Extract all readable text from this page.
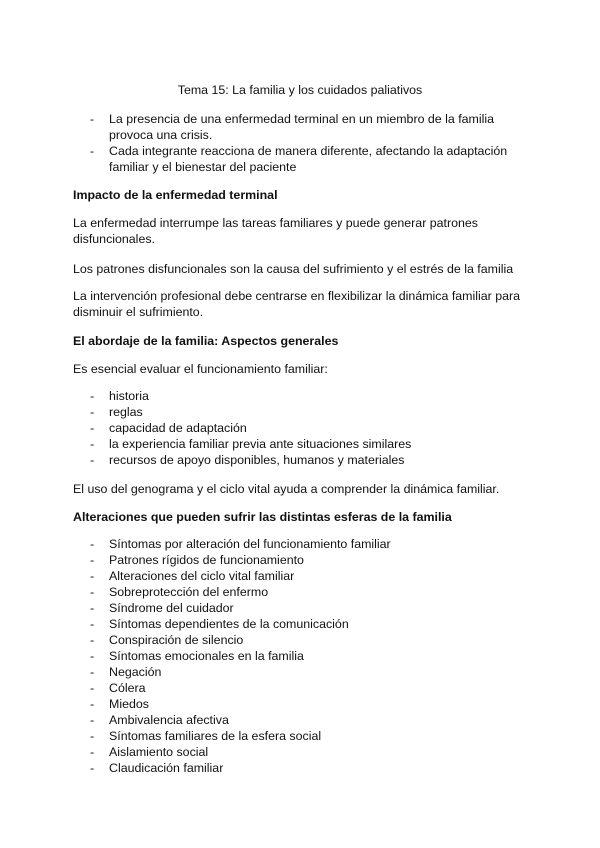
Tema 15: La familia y los cuidados paliativos
- La presencia de una enfermedad terminal en un miembro de la familia provoca una crisis.
- Cada integrante reacciona de manera diferente, afectando la adaptación familiar y el bienestar del paciente
Impacto de la enfermedad terminal
La enfermedad interrumpe las tareas familiares y puede generar patrones disfuncionales.
Los patrones disfuncionales son la causa del sufrimiento y el estrés de la familia
La intervención profesional debe centrarse en flexibilizar la dinámica familiar para disminuir el sufrimiento.
El abordaje de la familia: Aspectos generales
Es esencial evaluar el funcionamiento familiar:
- historia
- reglas
- capacidad de adaptación
- la experiencia familiar previa ante situaciones similares
- recursos de apoyo disponibles, humanos y materiales
El uso del genograma y el ciclo vital ayuda a comprender la dinámica familiar.
Alteraciones que pueden sufrir las distintas esferas de la familia
- Síntomas por alteración del funcionamiento familiar
- Patrones rígidos de funcionamiento
- Alteraciones del ciclo vital familiar
- Sobreprotección del enfermo
- Síndrome del cuidador
- Síntomas dependientes de la comunicación
- Conspiración de silencio
- Síntomas emocionales en la familia
- Negación
- Cólera
- Miedos
- Ambivalencia afectiva
- Síntomas familiares de la esfera social
- Aislamiento social
- Claudicación familiar
